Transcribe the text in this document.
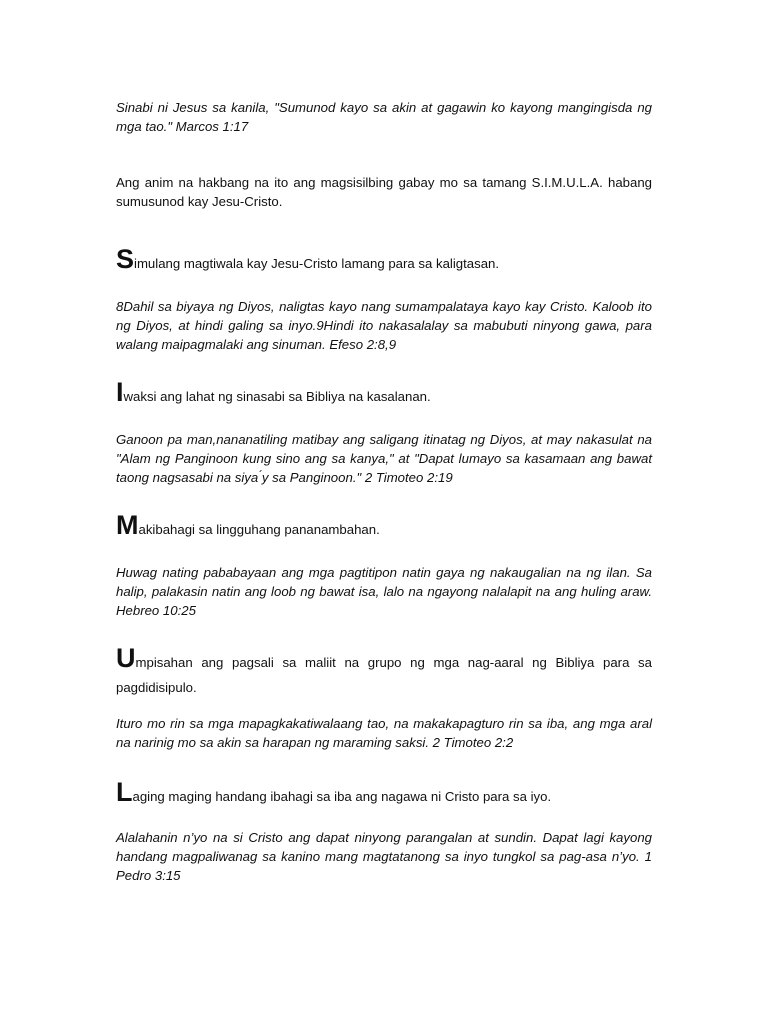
Sinabi ni Jesus sa kanila, "Sumunod kayo sa akin at gagawin ko kayong mangingisda ng mga tao." Marcos 1:17

Ang anim na hakbang na ito ang magsisilbing gabay mo sa tamang S.I.M.U.L.A. habang sumusunod kay Jesu-Cristo.

Simulang magtiwala kay Jesu-Cristo lamang para sa kaligtasan.

8Dahil sa biyaya ng Diyos, naligtas kayo nang sumampalataya kayo kay Cristo. Kaloob ito ng Diyos, at hindi galing sa inyo.9Hindi ito nakasalalay sa mabubuti ninyong gawa, para walang maipagmalaki ang sinuman. Efeso 2:8,9

Iwaksi ang lahat ng sinasabi sa Bibliya na kasalanan.

Ganoon pa man,nananatiling matibay ang saligang itinatag ng Diyos, at may nakasulat na "Alam ng Panginoon kung sino ang sa kanya," at "Dapat lumayo sa kasamaan ang bawat taong nagsasabi na siya ́y sa Panginoon." 2 Timoteo 2:19

Makibahagi sa lingguhang pananambahan.

Huwag nating pababayaan ang mga pagtitipon natin gaya ng nakaugalian na ng ilan. Sa halip, palakasin natin ang loob ng bawat isa, lalo na ngayong nalalapit na ang huling araw. Hebreo 10:25

Umpisahan ang pagsali sa maliit na grupo ng mga nag-aaral ng Bibliya para sa pagdidisipulo.

Ituro mo rin sa mga mapagkakatiwalaang tao, na makakapagturo rin sa iba, ang mga aral na narinig mo sa akin sa harapan ng maraming saksi. 2 Timoteo 2:2

Laging maging handang ibahagi sa iba ang nagawa ni Cristo para sa iyo.

Alalahanin n’yo na si Cristo ang dapat ninyong parangalan at sundin. Dapat lagi kayong handang magpaliwanag sa kanino mang magtatanong sa inyo tungkol sa pag-asa n’yo. 1 Pedro 3:15
